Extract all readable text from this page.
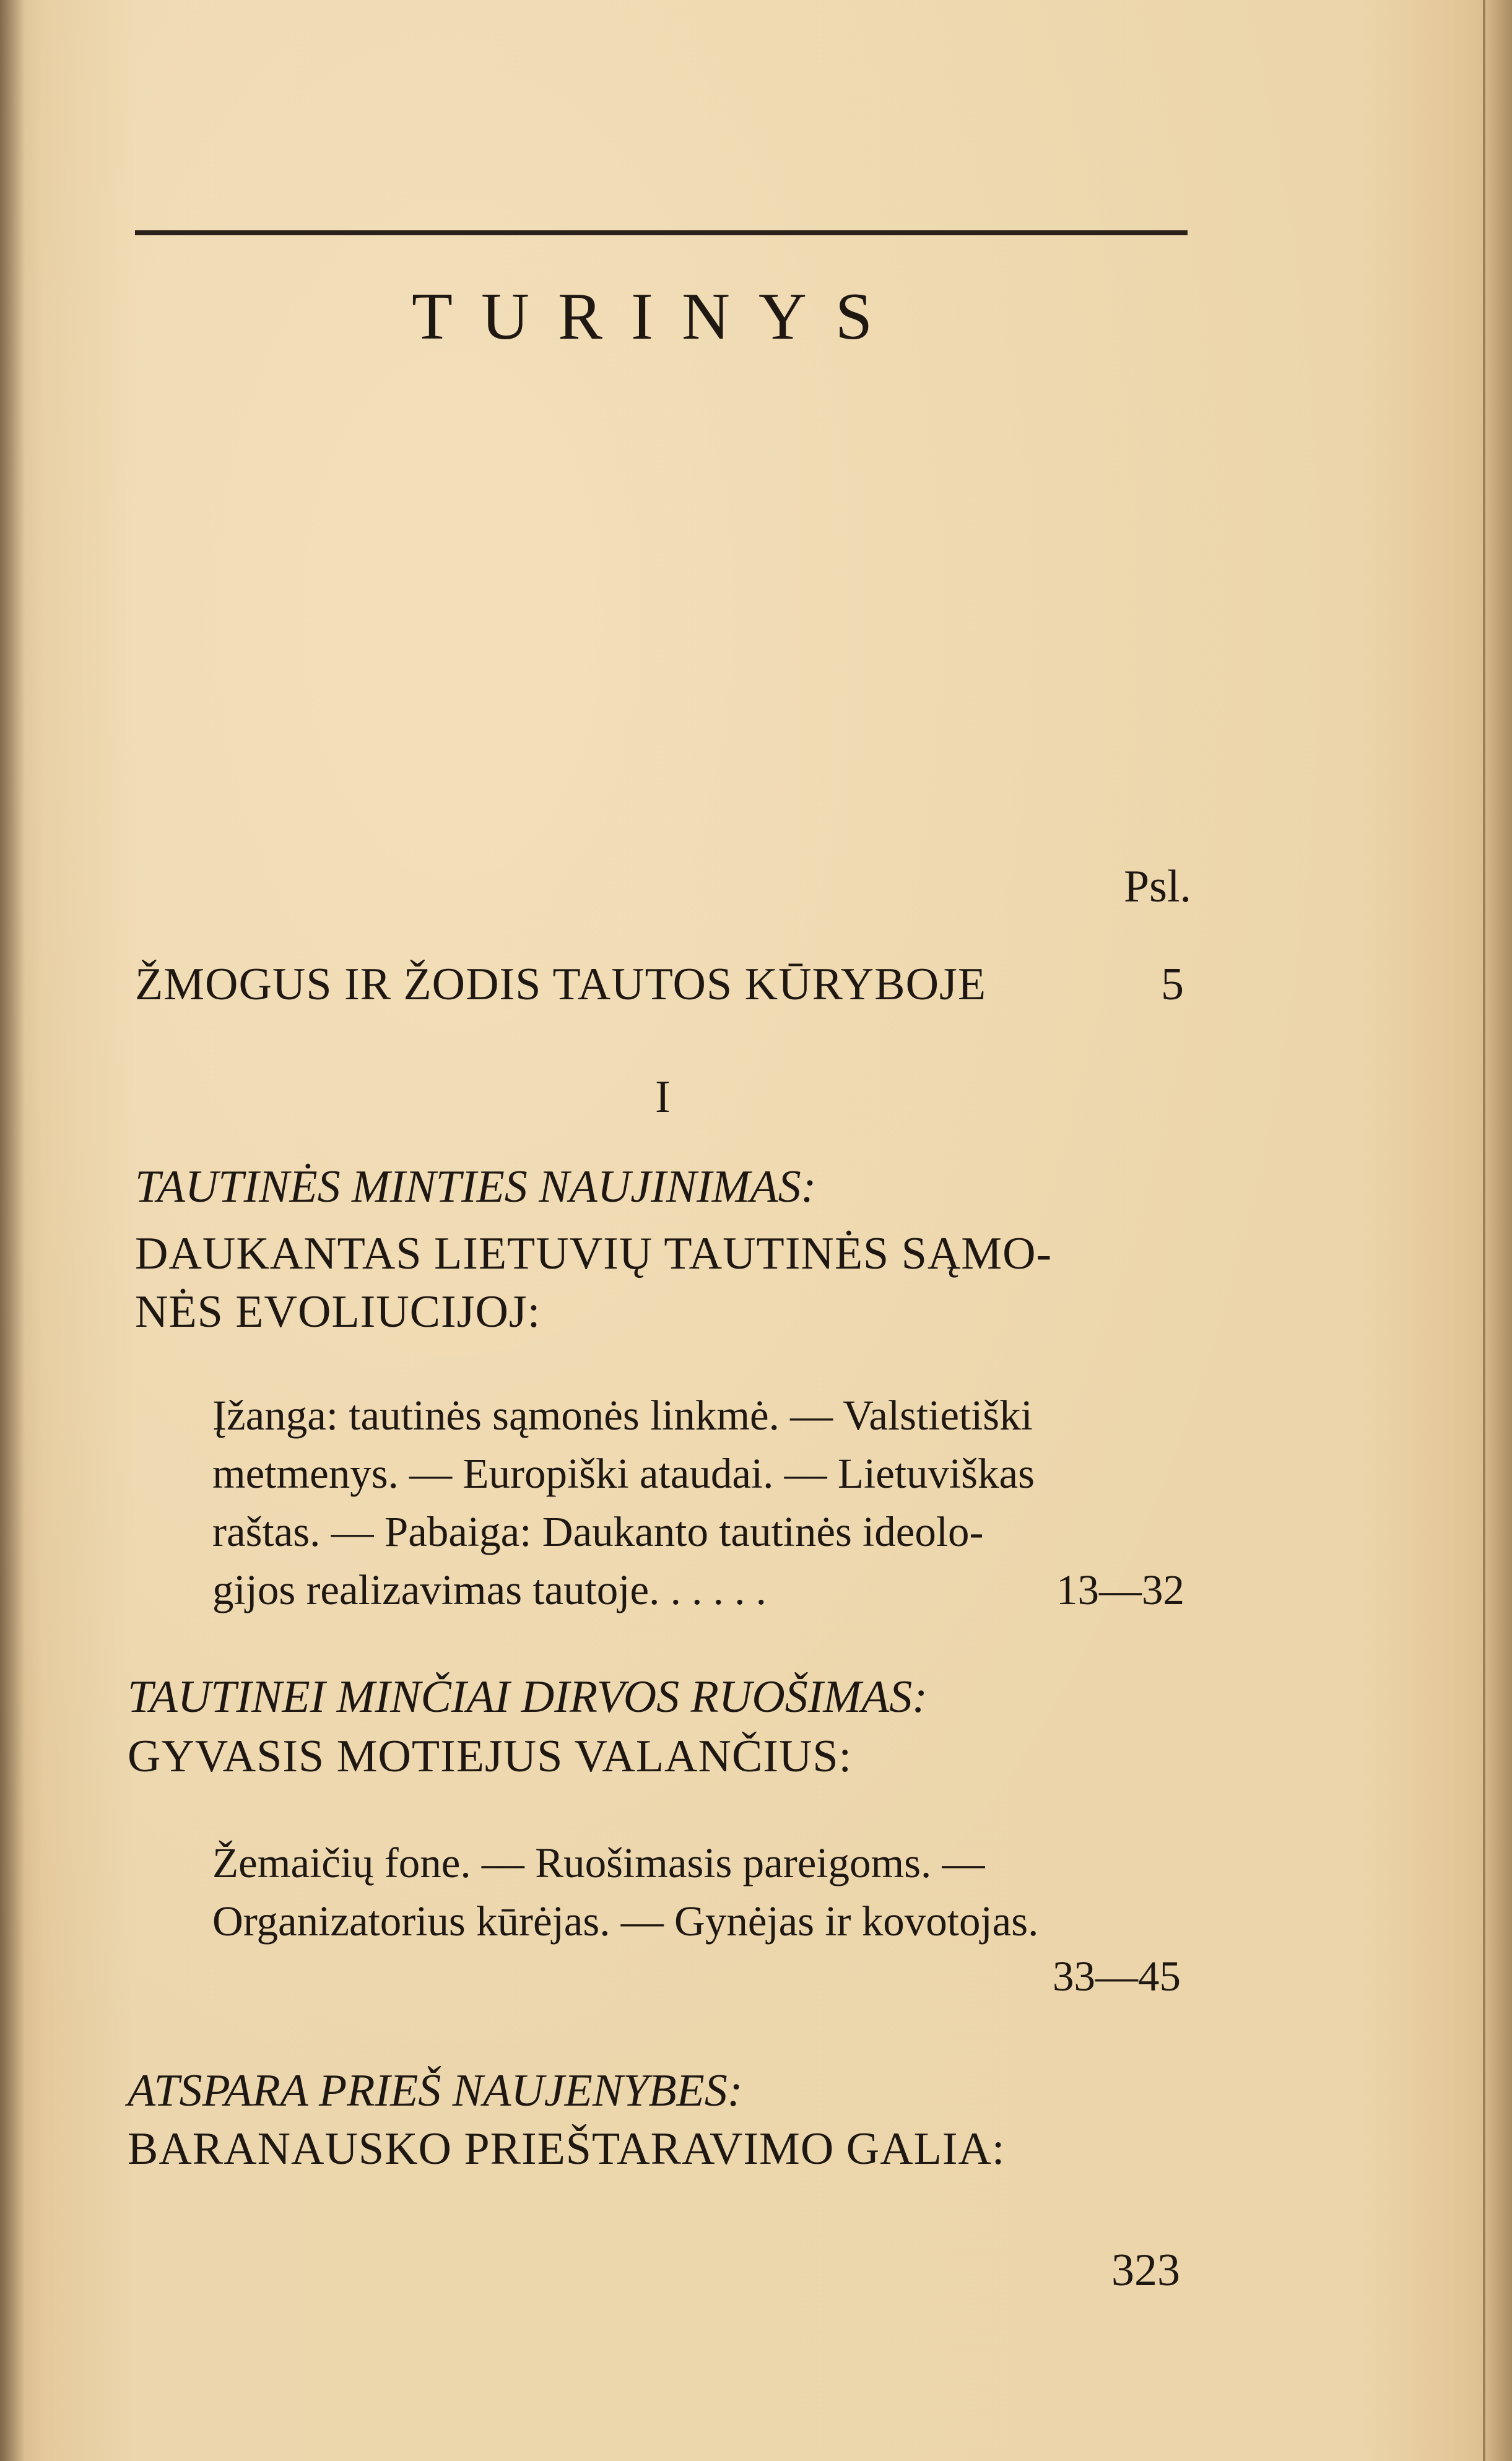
TURINYS
Psl.
ŽMOGUS IR ŽODIS TAUTOS KŪRYBOJE	5
I
TAUTINĖS MINTIES NAUJINIMAS:
DAUKANTAS LIETUVIŲ TAUTINĖS SĄMO-
NĖS EVOLIUCIJOJ:
Įžanga: tautinės sąmonės linkmė. — Valstietiški
metmenys. — Europiški ataudai. — Lietuviškas
raštas. — Pabaiga: Daukanto tautinės ideolo-
gijos realizavimas tautoje. . . . . .	13—32
TAUTINEI MINČIAI DIRVOS RUOŠIMAS:
GYVASIS MOTIEJUS VALANČIUS:
Žemaičių fone. — Ruošimasis pareigoms. —
Organizatorius kūrėjas. — Gynėjas ir kovotojas.
33—45
ATSPARA PRIEŠ NAUJENYBES:
BARANAUSKO PRIEŠTARAVIMO GALIA:
323
